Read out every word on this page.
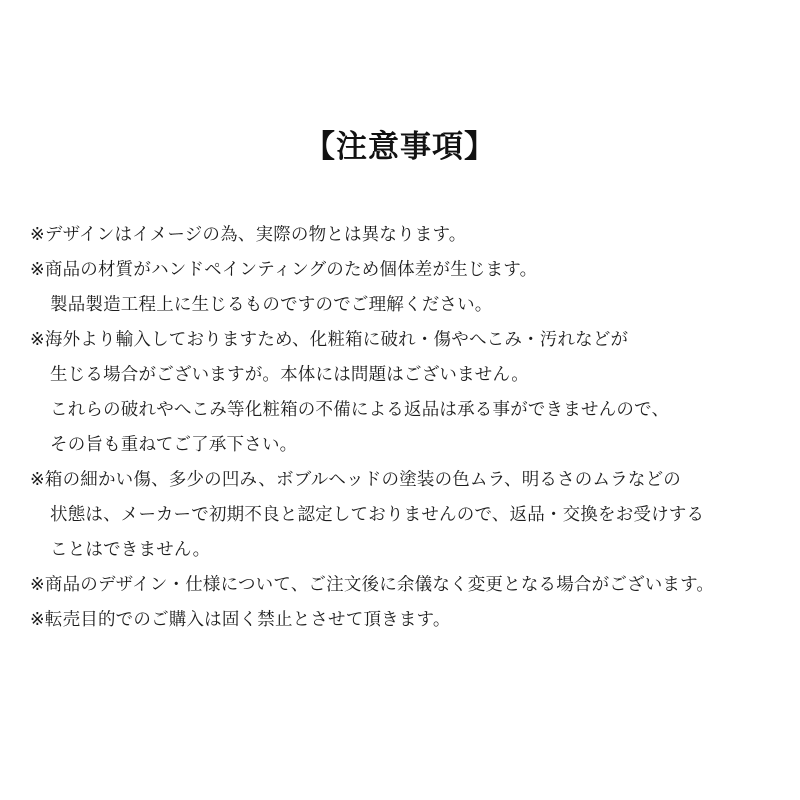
【注意事項】
※デザインはイメージの為、実際の物とは異なります。
※商品の材質がハンドペインティングのため個体差が生じます。
製品製造工程上に生じるものですのでご理解ください。
※海外より輸入しておりますため、化粧箱に破れ・傷やへこみ・汚れなどが
生じる場合がございますが。本体には問題はございません。
これらの破れやへこみ等化粧箱の不備による返品は承る事ができませんので、
その旨も重ねてご了承下さい。
※箱の細かい傷、多少の凹み、ボブルヘッドの塗装の色ムラ、明るさのムラなどの
状態は、メーカーで初期不良と認定しておりませんので、返品・交換をお受けする
ことはできません。
※商品のデザイン・仕様について、ご注文後に余儀なく変更となる場合がございます。
※転売目的でのご購入は固く禁止とさせて頂きます。
